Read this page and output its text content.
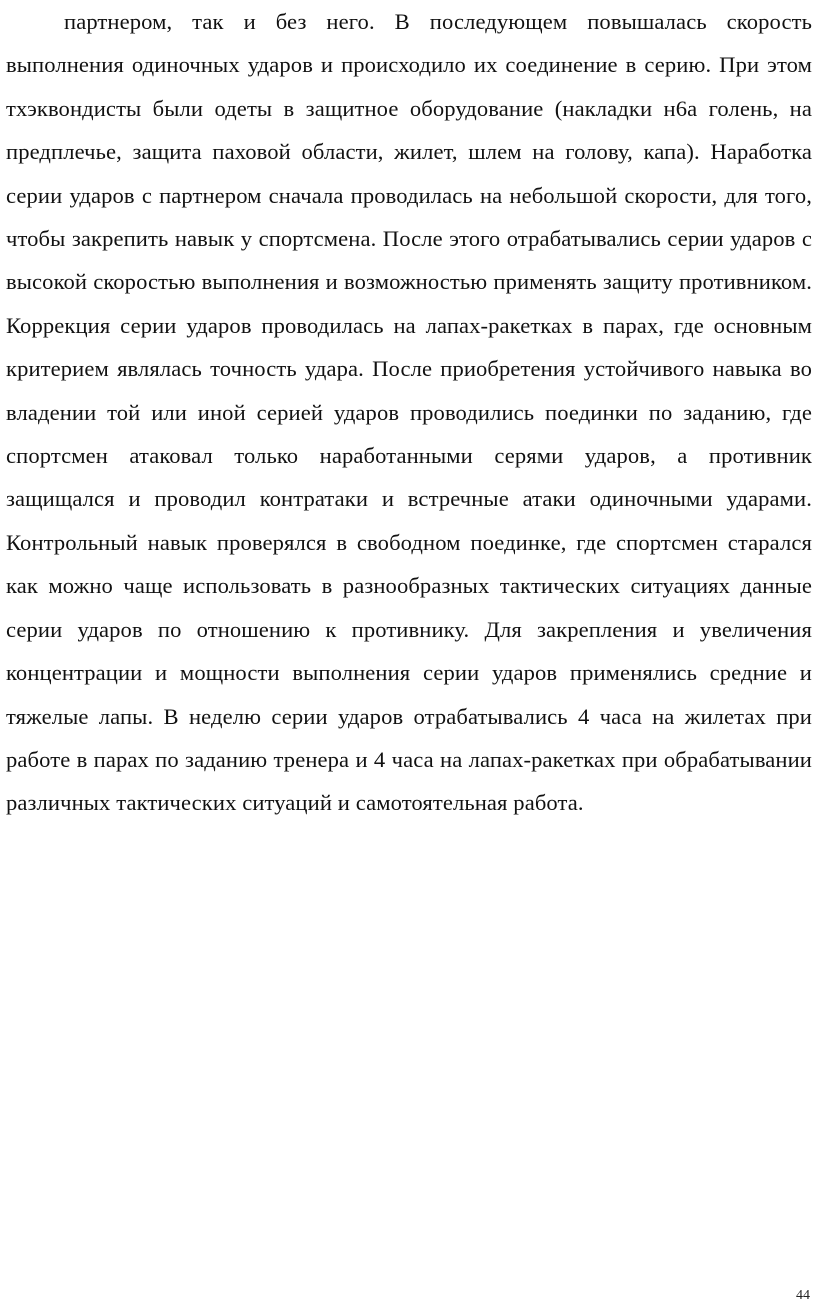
партнером, так и без него. В последующем повышалась скорость выполнения одиночных ударов и происходило их соединение в серию. При этом тхэквондисты были одеты в защитное оборудование (накладки н6а голень, на предплечье, защита паховой области, жилет, шлем на голову, капа). Наработка серии ударов с партнером сначала проводилась на небольшой скорости, для того, чтобы закрепить навык у спортсмена. После этого отрабатывались серии ударов с высокой скоростью выполнения и возможностью применять защиту противником. Коррекция серии ударов проводилась на лапах-ракетках в парах, где основным критерием являлась точность удара. После приобретения устойчивого навыка во владении той или иной серией ударов проводились поединки по заданию, где спортсмен атаковал только наработанными серями ударов, а противник защищался и проводил контратаки и встречные атаки одиночными ударами. Контрольный навык проверялся в свободном поединке, где спортсмен старался как можно чаще использовать в разнообразных тактических ситуациях данные серии ударов по отношению к противнику. Для закрепления и увеличения концентрации и мощности выполнения серии ударов применялись средние и тяжелые лапы. В неделю серии ударов отрабатывались 4 часа на жилетах при работе в парах по заданию тренера и 4 часа на лапах-ракетках при обрабатывании различных тактических ситуаций и самотоятельная работа.

44
